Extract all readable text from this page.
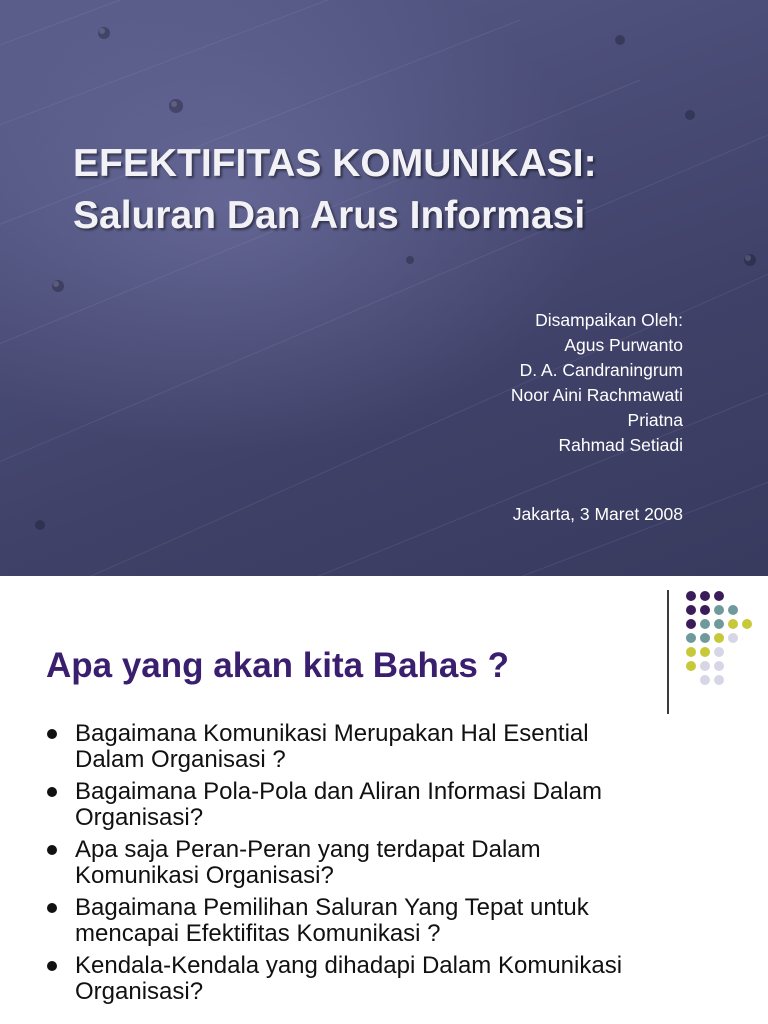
EFEKTIFITAS KOMUNIKASI:
Saluran Dan Arus Informasi
Disampaikan Oleh:
Agus Purwanto
D. A. Candraningrum
Noor Aini Rachmawati
Priatna
Rahmad Setiadi
Jakarta, 3 Maret 2008
Apa yang akan kita Bahas ?
Bagaimana Komunikasi Merupakan Hal Esential
Dalam Organisasi ?
Bagaimana Pola-Pola dan Aliran Informasi Dalam
Organisasi?
Apa saja Peran-Peran yang terdapat Dalam
Komunikasi Organisasi?
Bagaimana Pemilihan Saluran Yang Tepat untuk
mencapai Efektifitas Komunikasi ?
Kendala-Kendala yang dihadapi Dalam Komunikasi
Organisasi?
